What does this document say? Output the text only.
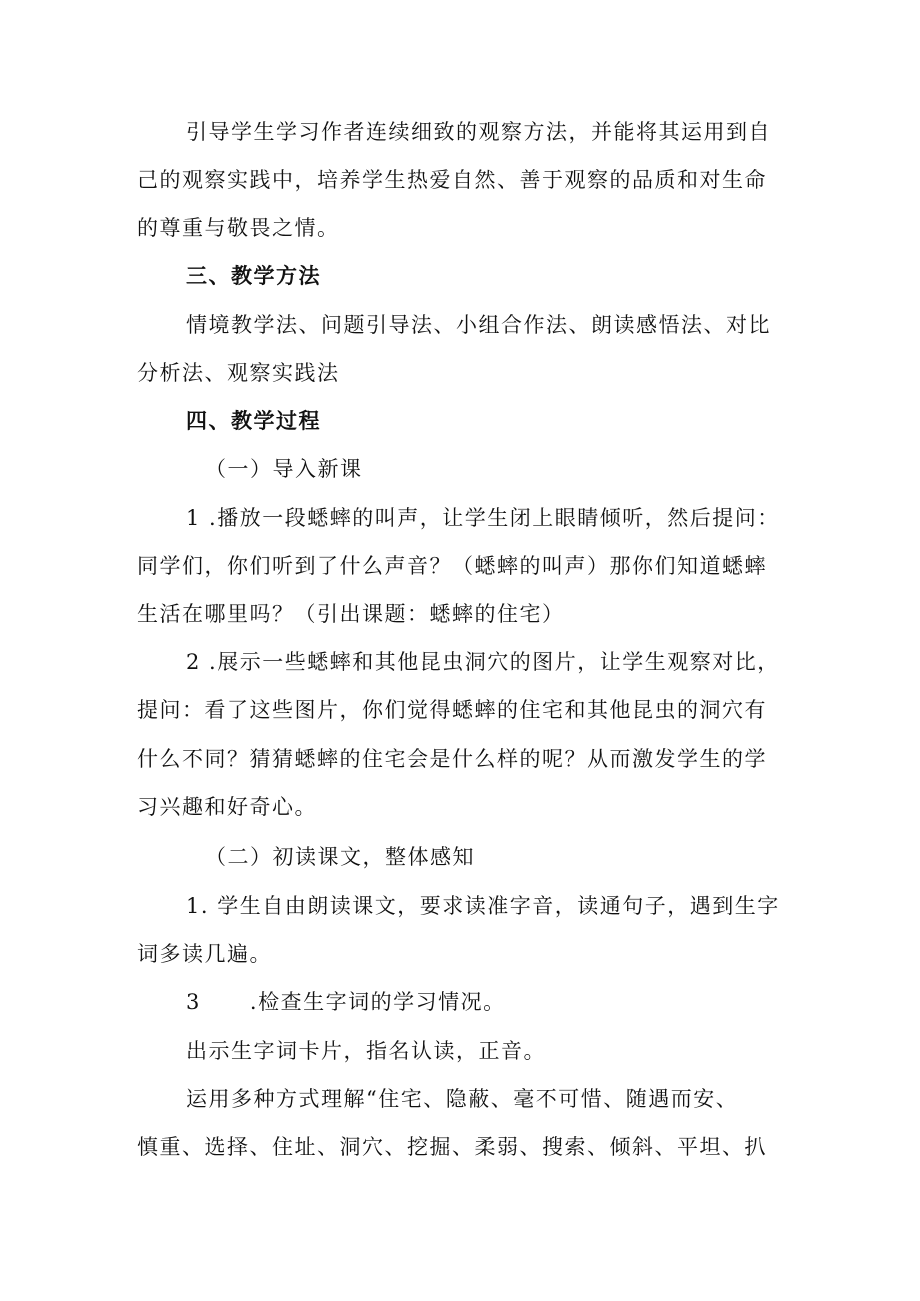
引导学生学习作者连续细致的观察方法，并能将其运用到自
己的观察实践中，培养学生热爱自然、善于观察的品质和对生命
的尊重与敬畏之情。
三、教学方法
情境教学法、问题引导法、小组合作法、朗读感悟法、对比
分析法、观察实践法
四、教学过程
（一）导入新课
1 .播放一段蟋蟀的叫声，让学生闭上眼睛倾听，然后提问：
同学们，你们听到了什么声音？（蟋蟀的叫声）那你们知道蟋蟀
生活在哪里吗？（引出课题：蟋蟀的住宅）
2 .展示一些蟋蟀和其他昆虫洞穴的图片，让学生观察对比，
提问：看了这些图片，你们觉得蟋蟀的住宅和其他昆虫的洞穴有
什么不同？猜猜蟋蟀的住宅会是什么样的呢？从而激发学生的学
习兴趣和好奇心。
（二）初读课文，整体感知
1. 学生自由朗读课文，要求读准字音，读通句子，遇到生字
词多读几遍。
3      .检查生字词的学习情况。
出示生字词卡片，指名认读，正音。
运用多种方式理解“住宅、隐蔽、毫不可惜、随遇而安、
慎重、选择、住址、洞穴、挖掘、柔弱、搜索、倾斜、平坦、扒
